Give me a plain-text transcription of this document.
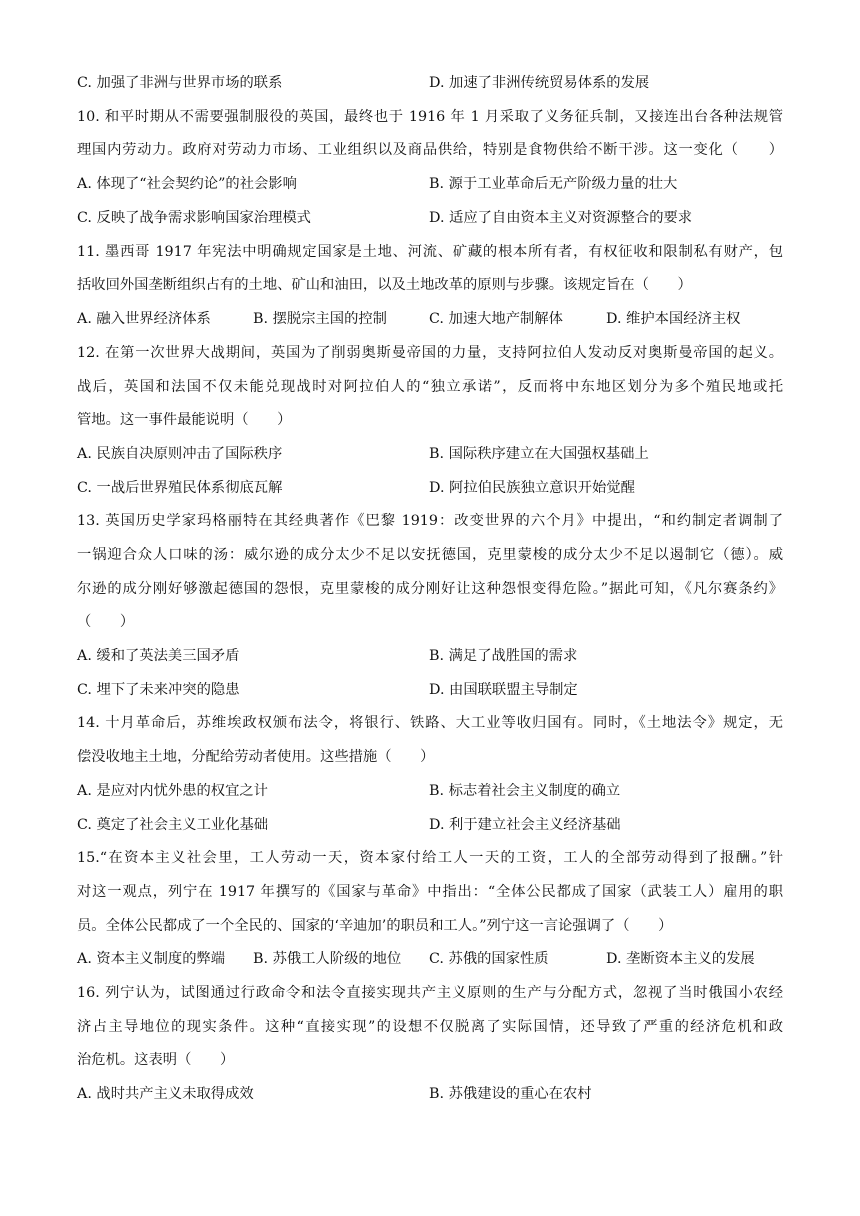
C. 加强了非洲与世界市场的联系	D. 加速了非洲传统贸易体系的发展
10. 和平时期从不需要强制服役的英国，最终也于 1916 年 1 月采取了义务征兵制，又接连出台各种法规管
理国内劳动力。政府对劳动力市场、工业组织以及商品供给，特别是食物供给不断干涉。这一变化（　　）
A. 体现了“社会契约论”的社会影响	B. 源于工业革命后无产阶级力量的壮大
C. 反映了战争需求影响国家治理模式	D. 适应了自由资本主义对资源整合的要求
11. 墨西哥 1917 年宪法中明确规定国家是土地、河流、矿藏的根本所有者，有权征收和限制私有财产，包
括收回外国垄断组织占有的土地、矿山和油田，以及土地改革的原则与步骤。该规定旨在（　　）
A. 融入世界经济体系	B. 摆脱宗主国的控制	C. 加速大地产制解体	D. 维护本国经济主权
12. 在第一次世界大战期间，英国为了削弱奥斯曼帝国的力量，支持阿拉伯人发动反对奥斯曼帝国的起义。
战后，英国和法国不仅未能兑现战时对阿拉伯人的“独立承诺”，反而将中东地区划分为多个殖民地或托
管地。这一事件最能说明（　　）
A. 民族自决原则冲击了国际秩序	B. 国际秩序建立在大国强权基础上
C. 一战后世界殖民体系彻底瓦解	D. 阿拉伯民族独立意识开始觉醒
13. 英国历史学家玛格丽特在其经典著作《巴黎 1919：改变世界的六个月》中提出，“和约制定者调制了
一锅迎合众人口味的汤：威尔逊的成分太少不足以安抚德国，克里蒙梭的成分太少不足以遏制它（德）。威
尔逊的成分刚好够激起德国的怨恨，克里蒙梭的成分刚好让这种怨恨变得危险。”据此可知，《凡尔赛条约》
（　　）
A. 缓和了英法美三国矛盾	B. 满足了战胜国的需求
C. 埋下了未来冲突的隐患	D. 由国联联盟主导制定
14. 十月革命后，苏维埃政权颁布法令，将银行、铁路、大工业等收归国有。同时，《土地法令》规定，无
偿没收地主土地，分配给劳动者使用。这些措施（　　）
A. 是应对内忧外患的权宜之计	B. 标志着社会主义制度的确立
C. 奠定了社会主义工业化基础	D. 利于建立社会主义经济基础
15.“在资本主义社会里，工人劳动一天，资本家付给工人一天的工资，工人的全部劳动得到了报酬。”针
对这一观点，列宁在 1917 年撰写的《国家与革命》中指出：“全体公民都成了国家（武装工人）雇用的职
员。全体公民都成了一个全民的、国家的‘辛迪加’的职员和工人。”列宁这一言论强调了（　　）
A. 资本主义制度的弊端 B. 苏俄工人阶级的地位 C. 苏俄的国家性质	D. 垄断资本主义的发展
16. 列宁认为，试图通过行政命令和法令直接实现共产主义原则的生产与分配方式，忽视了当时俄国小农经
济占主导地位的现实条件。这种“直接实现”的设想不仅脱离了实际国情，还导致了严重的经济危机和政
治危机。这表明（　　）
A. 战时共产主义未取得成效	B. 苏俄建设的重心在农村
